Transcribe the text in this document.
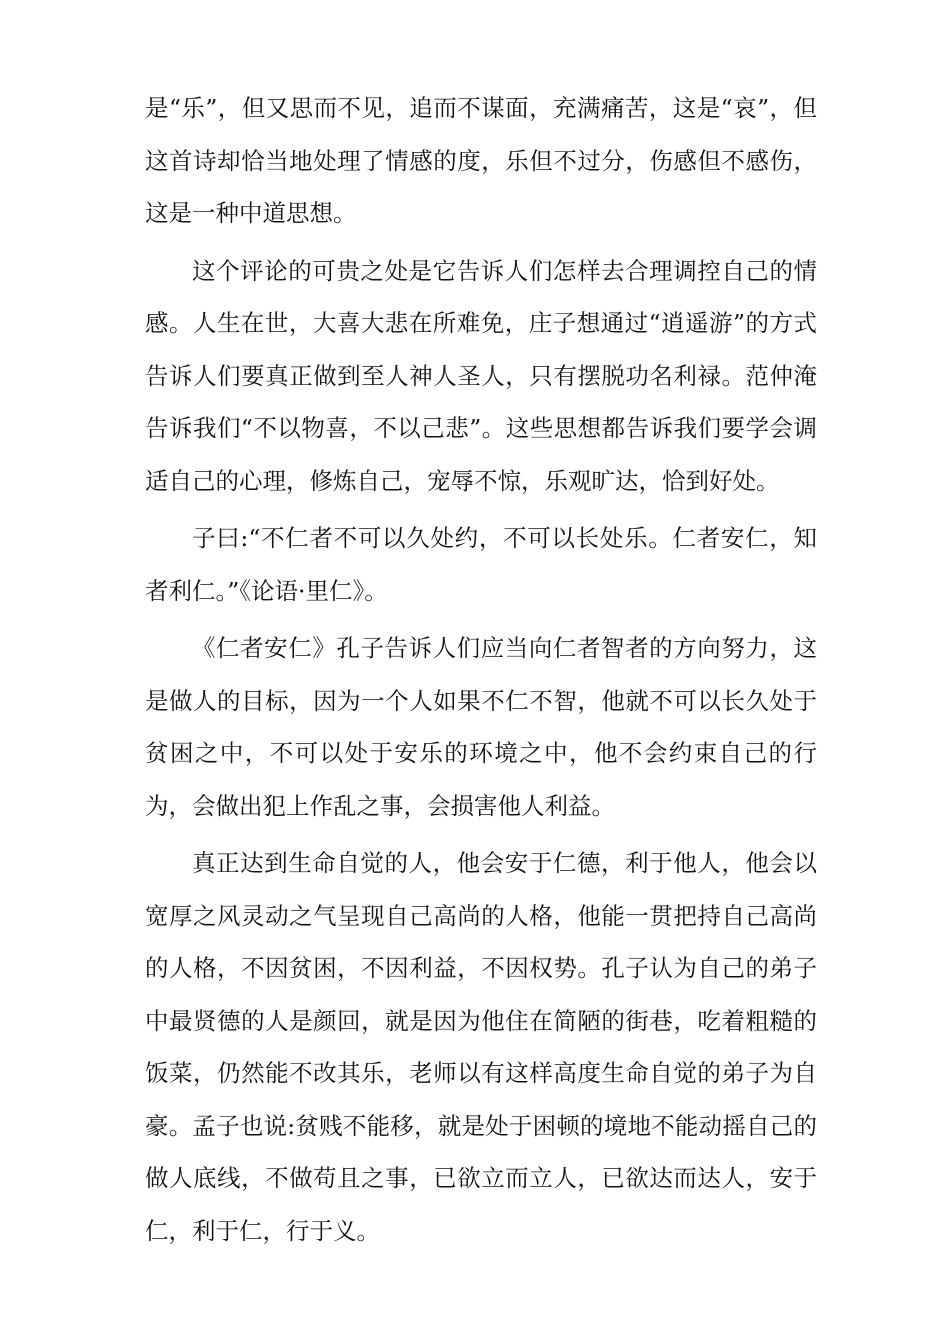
是“乐”，但又思而不见，追而不谋面，充满痛苦，这是“哀”，但这首诗却恰当地处理了情感的度，乐但不过分，伤感但不感伤，这是一种中道思想。

这个评论的可贵之处是它告诉人们怎样去合理调控自己的情感。人生在世，大喜大悲在所难免，庄子想通过“逍遥游”的方式告诉人们要真正做到至人神人圣人，只有摆脱功名利禄。范仲淹告诉我们“不以物喜，不以己悲”。这些思想都告诉我们要学会调适自己的心理，修炼自己，宠辱不惊，乐观旷达，恰到好处。

子曰:“不仁者不可以久处约，不可以长处乐。仁者安仁，知者利仁。”《论语·里仁》。

《仁者安仁》孔子告诉人们应当向仁者智者的方向努力，这是做人的目标，因为一个人如果不仁不智，他就不可以长久处于贫困之中，不可以处于安乐的环境之中，他不会约束自己的行为，会做出犯上作乱之事，会损害他人利益。

真正达到生命自觉的人，他会安于仁德，利于他人，他会以宽厚之风灵动之气呈现自己高尚的人格，他能一贯把持自己高尚的人格，不因贫困，不因利益，不因权势。孔子认为自己的弟子中最贤德的人是颜回，就是因为他住在简陋的街巷，吃着粗糙的饭菜，仍然能不改其乐，老师以有这样高度生命自觉的弟子为自豪。孟子也说:贫贱不能移，就是处于困顿的境地不能动摇自己的做人底线，不做苟且之事，已欲立而立人，已欲达而达人，安于仁，利于仁，行于义。
